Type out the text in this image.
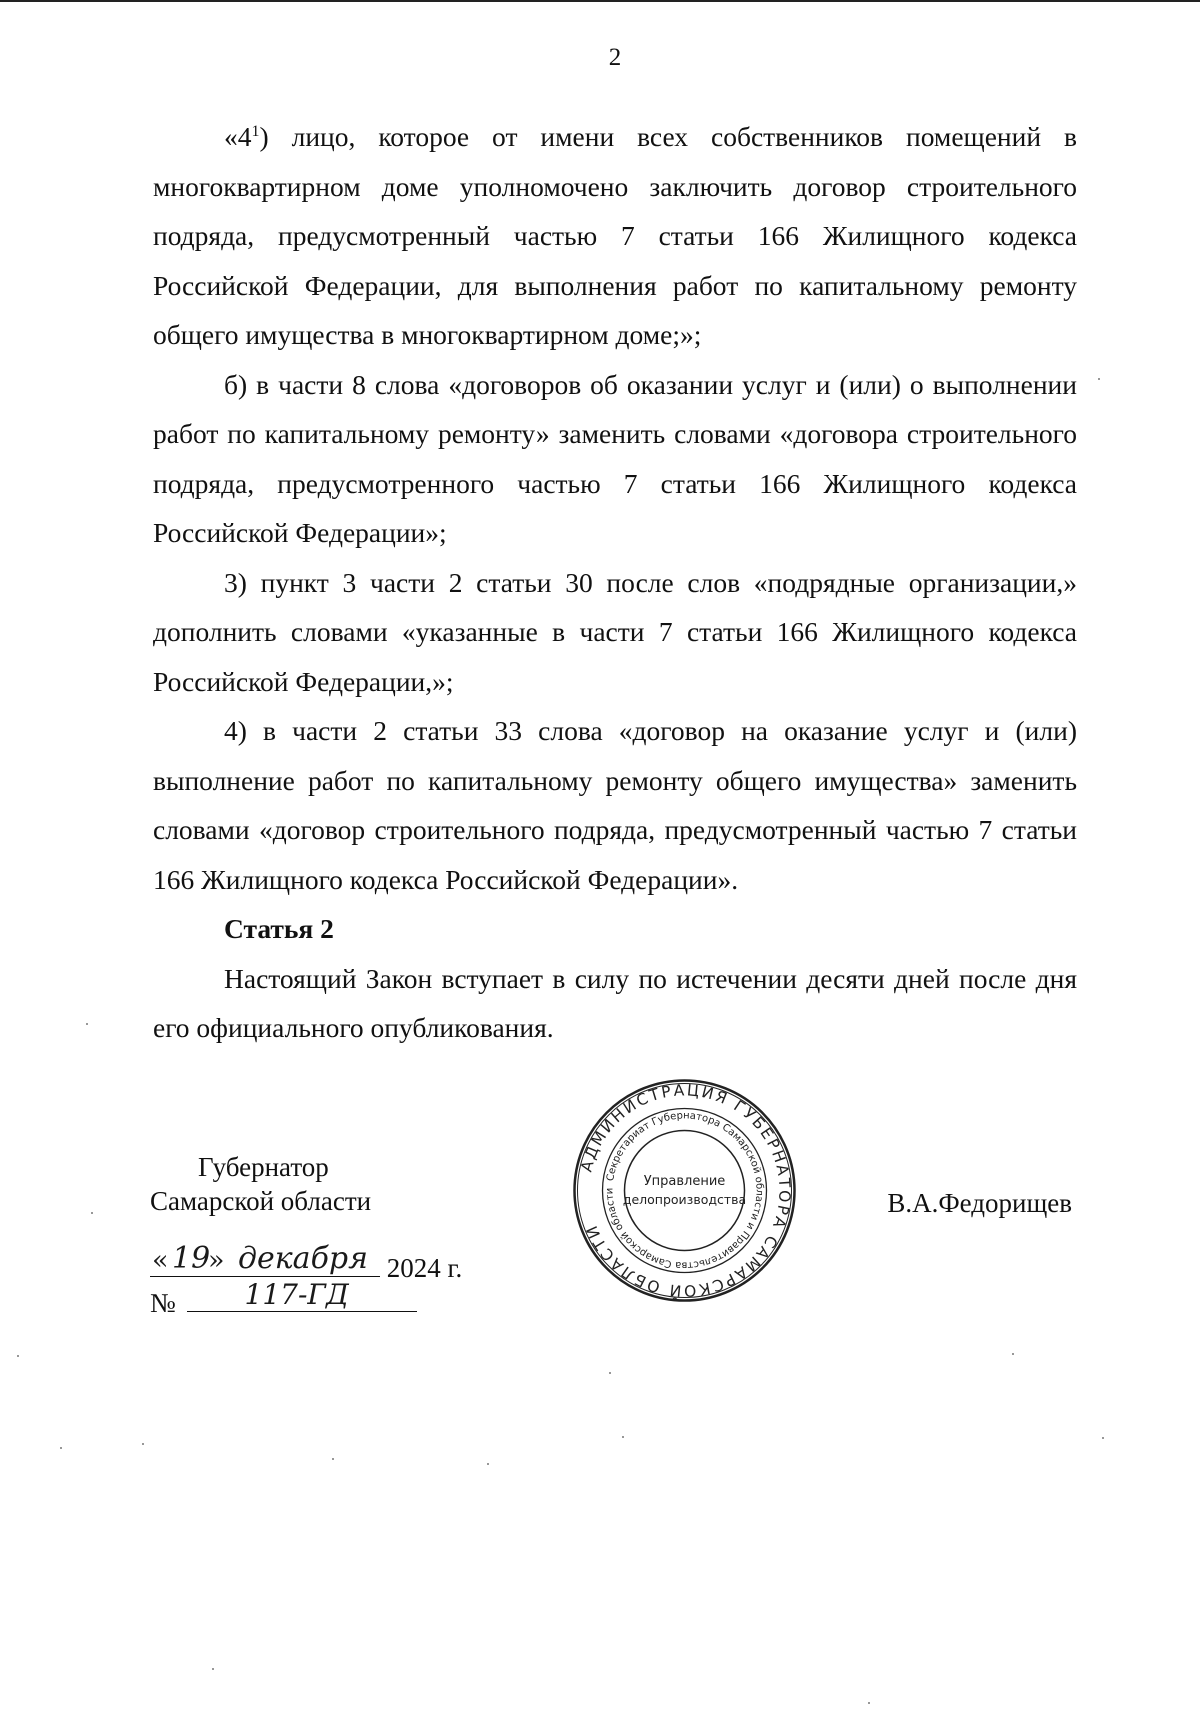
2

«$4^1$) лицо, которое от имени всех собственников помещений в многоквартирном доме уполномочено заключить договор строительного подряда, предусмотренный частью 7 статьи 166 Жилищного кодекса Российской Федерации, для выполнения работ по капитальному ремонту общего имущества в многоквартирном доме;»;

б) в части 8 слова «договоров об оказании услуг и (или) о выполнении работ по капитальному ремонту» заменить словами «договора строительного подряда, предусмотренного частью 7 статьи 166 Жилищного кодекса Российской Федерации»;

3) пункт 3 части 2 статьи 30 после слов «подрядные организации,» дополнить словами «указанные в части 7 статьи 166 Жилищного кодекса Российской Федерации,»;

4) в части 2 статьи 33 слова «договор на оказание услуг и (или) выполнение работ по капитальному ремонту общего имущества» заменить словами «договор строительного подряда, предусмотренный частью 7 статьи 166 Жилищного кодекса Российской Федерации».

Статья 2

Настоящий Закон вступает в силу по истечении десяти дней после дня его официального опубликования.

АДМИНИСТРАЦИЯ ГУБЕРНАТОРА САМАРСКОЙ ОБЛАСТИ
Секретариат Губернатора Самарской области и Правительства Самарской области
Управление
делопроизводства
Губернатор
Самарской области	В.А.Федорищев
« 19
» декабря 2024 г.
№ 117-ГД
